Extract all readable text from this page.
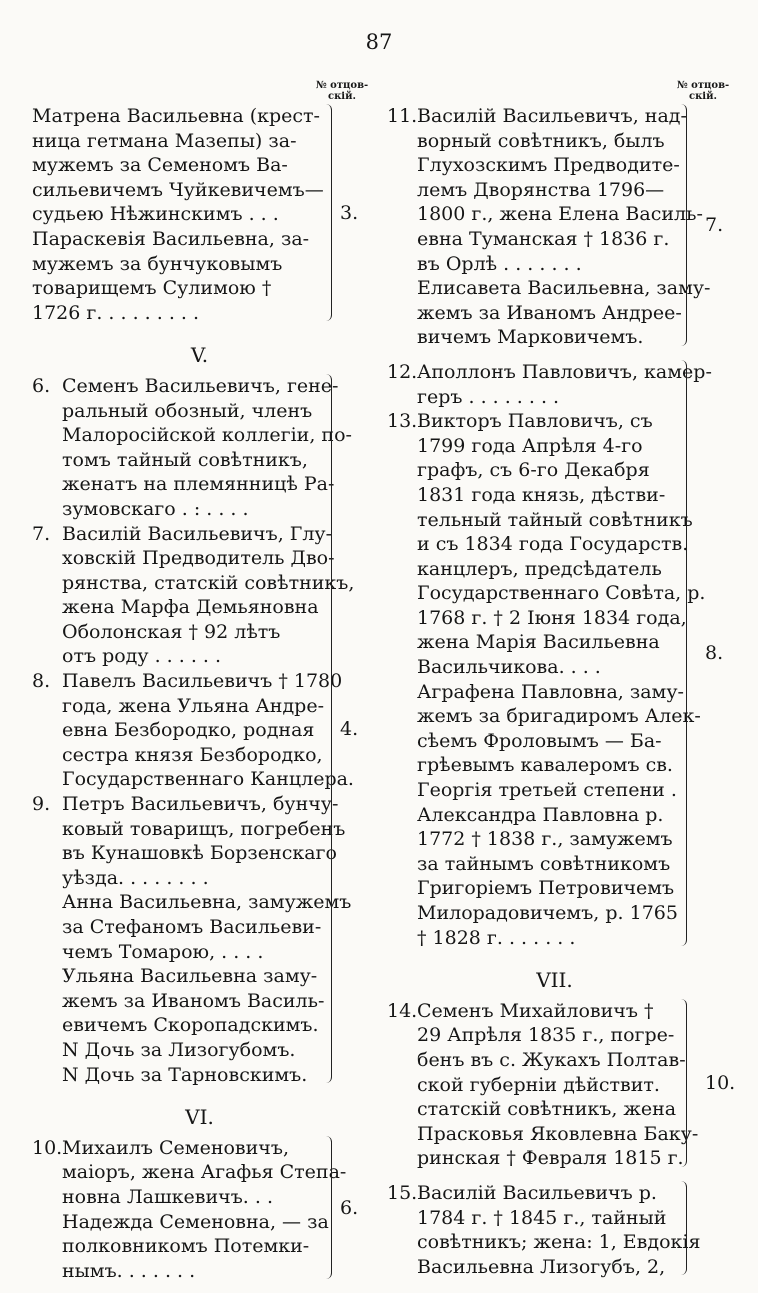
87
№ отцов-скій.
Матрена Васильевна (крест-
ница гетмана Мазепы) за-
мужемъ за Семеномъ Ва-
сильевичемъ Чуйкевичемъ—
судьею Нѣжинскимъ . . .
Параскевія Васильевна, за-
мужемъ за бунчуковымъ
товарищемъ Сулимою †
1726 г. . . . . . . . .
3.
V.
6. Семенъ Васильевичъ, гене-
ральный обозный, членъ
Малоросійской коллегіи, по-
томъ тайный совѣтникъ,
женатъ на племянницѣ Ра-
зумовскаго . : . . . .
7. Василій Васильевичъ, Глу-
ховскій Предводитель Дво-
рянства, статскій совѣтникъ,
жена Марфа Демьяновна
Оболонская † 92 лѣтъ
отъ роду . . . . . .
8. Павелъ Васильевичъ † 1780
года, жена Ульяна Андре-
евна Безбородко, родная
сестра князя Безбородко,
Государственнаго Канцлера.
9. Петръ Васильевичъ, бунчу-
ковый товарищъ, погребенъ
въ Кунашовкѣ Борзенскаго
уѣзда. . . . . . . .
Анна Васильевна, замужемъ
за Стефаномъ Васильеви-
чемъ Томарою, . . . .
Ульяна Васильевна заму-
жемъ за Иваномъ Василь-
евичемъ Скоропадскимъ.
N Дочь за Лизогубомъ.
N Дочь за Тарновскимъ.
4.
VI.
10. Михаилъ Семеновичъ,
маіоръ, жена Агафья Степа-
новна Лашкевичъ. . .
Надежда Семеновна, — за
полковникомъ Потемки-
нымъ. . . . . . .
6.
№ отцов-скій.
11. Василій Васильевичъ, над-
ворный совѣтникъ, былъ
Глухозскимъ Предводите-
лемъ Дворянства 1796—
1800 г., жена Елена Василь-
евна Туманская † 1836 г.
въ Орлѣ . . . . . . .
Елисавета Васильевна, заму-
жемъ за Иваномъ Андрее-
вичемъ Марковичемъ.
7.
12. Аполлонъ Павловичъ, камер-
геръ . . . . . . . .
13. Викторъ Павловичъ, съ
1799 года Апрѣля 4-го
графъ, съ 6-го Декабря
1831 года князь, дѣстви-
тельный тайный совѣтникъ
и съ 1834 года Государств.
канцлеръ, предсѣдатель
Государственнаго Совѣта, р.
1768 г. † 2 Іюня 1834 года,
жена Марія Васильевна
Васильчикова. . . .
Аграфена Павловна, заму-
жемъ за бригадиромъ Алек-
сѣемъ Фроловымъ — Ба-
грѣевымъ кавалеромъ св.
Георгія третьей степени .
Александра Павловна р.
1772 † 1838 г., замужемъ
за тайнымъ совѣтникомъ
Григоріемъ Петровичемъ
Милорадовичемъ, р. 1765
† 1828 г. . . . . . .
8.
VII.
14. Семенъ Михайловичъ †
29 Апрѣля 1835 г., погре-
бенъ въ с. Жукахъ Полтав-
ской губерніи дѣйствит.
статскій совѣтникъ, жена
Прасковья Яковлевна Баку-
ринская † Февраля 1815 г.
10.
15. Василій Васильевичъ р.
1784 г. † 1845 г., тайный
совѣтникъ; жена: 1, Евдокія
Васильевна Лизогубъ, 2,
